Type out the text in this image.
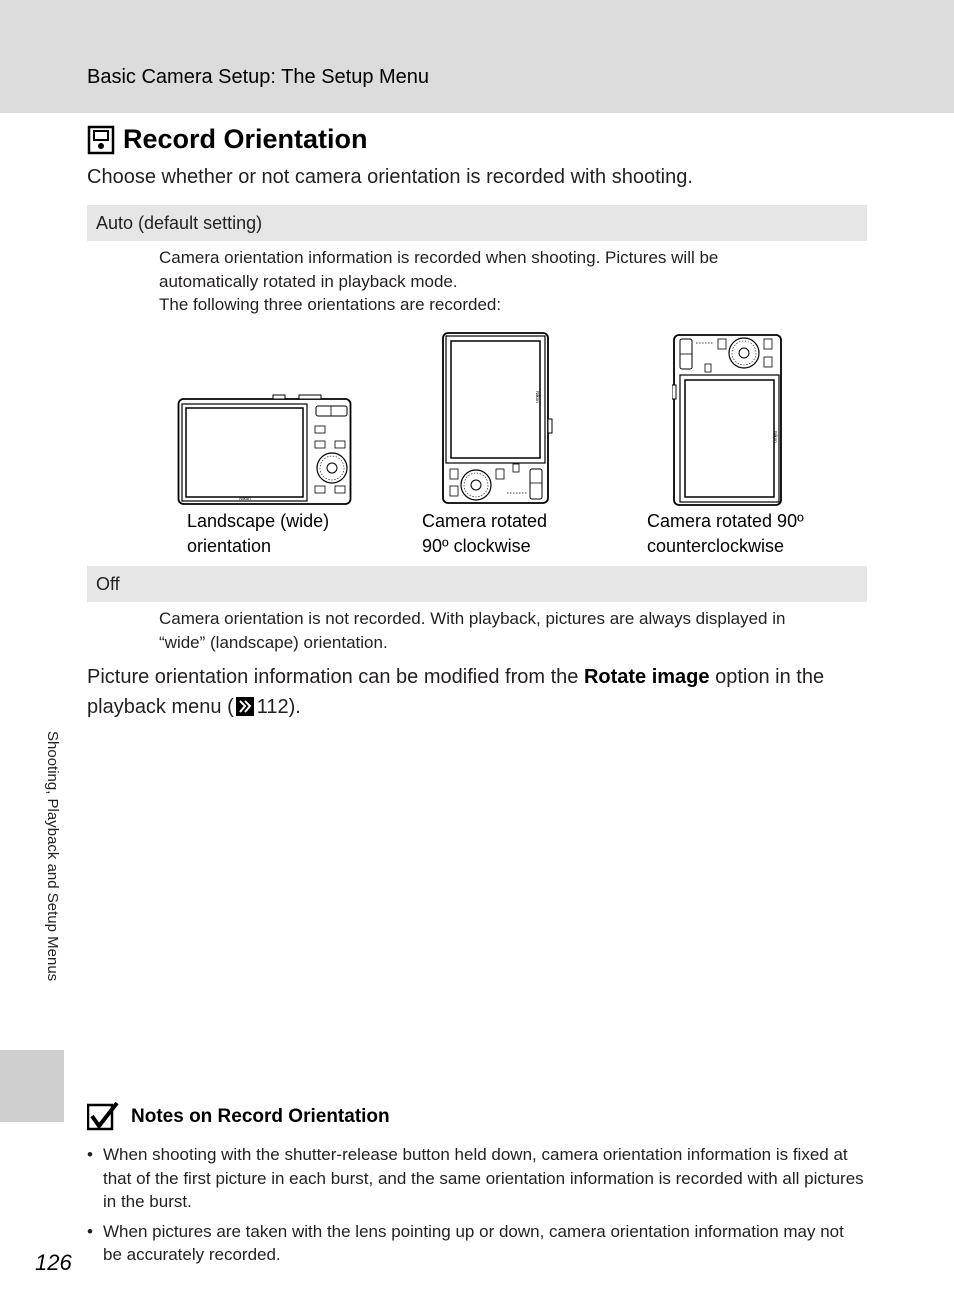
Basic Camera Setup: The Setup Menu
Record Orientation
Choose whether or not camera orientation is recorded with shooting.
Auto (default setting)
Camera orientation information is recorded when shooting. Pictures will be
automatically rotated in playback mode.
The following three orientations are recorded:
Nikon
Nikon
Nikon
Landscape (wide)
orientation
Camera rotated
90º clockwise
Camera rotated 90º
counterclockwise
Off
Camera orientation is not recorded. With playback, pictures are always displayed in
“wide” (landscape) orientation.
Picture orientation information can be modified from the Rotate image option in the playback menu ( 112).
Shooting, Playback and Setup Menus
Notes on Record Orientation
• When shooting with the shutter-release button held down, camera orientation information is fixed at that of the first picture in each burst, and the same orientation information is recorded with all pictures in the burst.
• When pictures are taken with the lens pointing up or down, camera orientation information may not be accurately recorded.
126
